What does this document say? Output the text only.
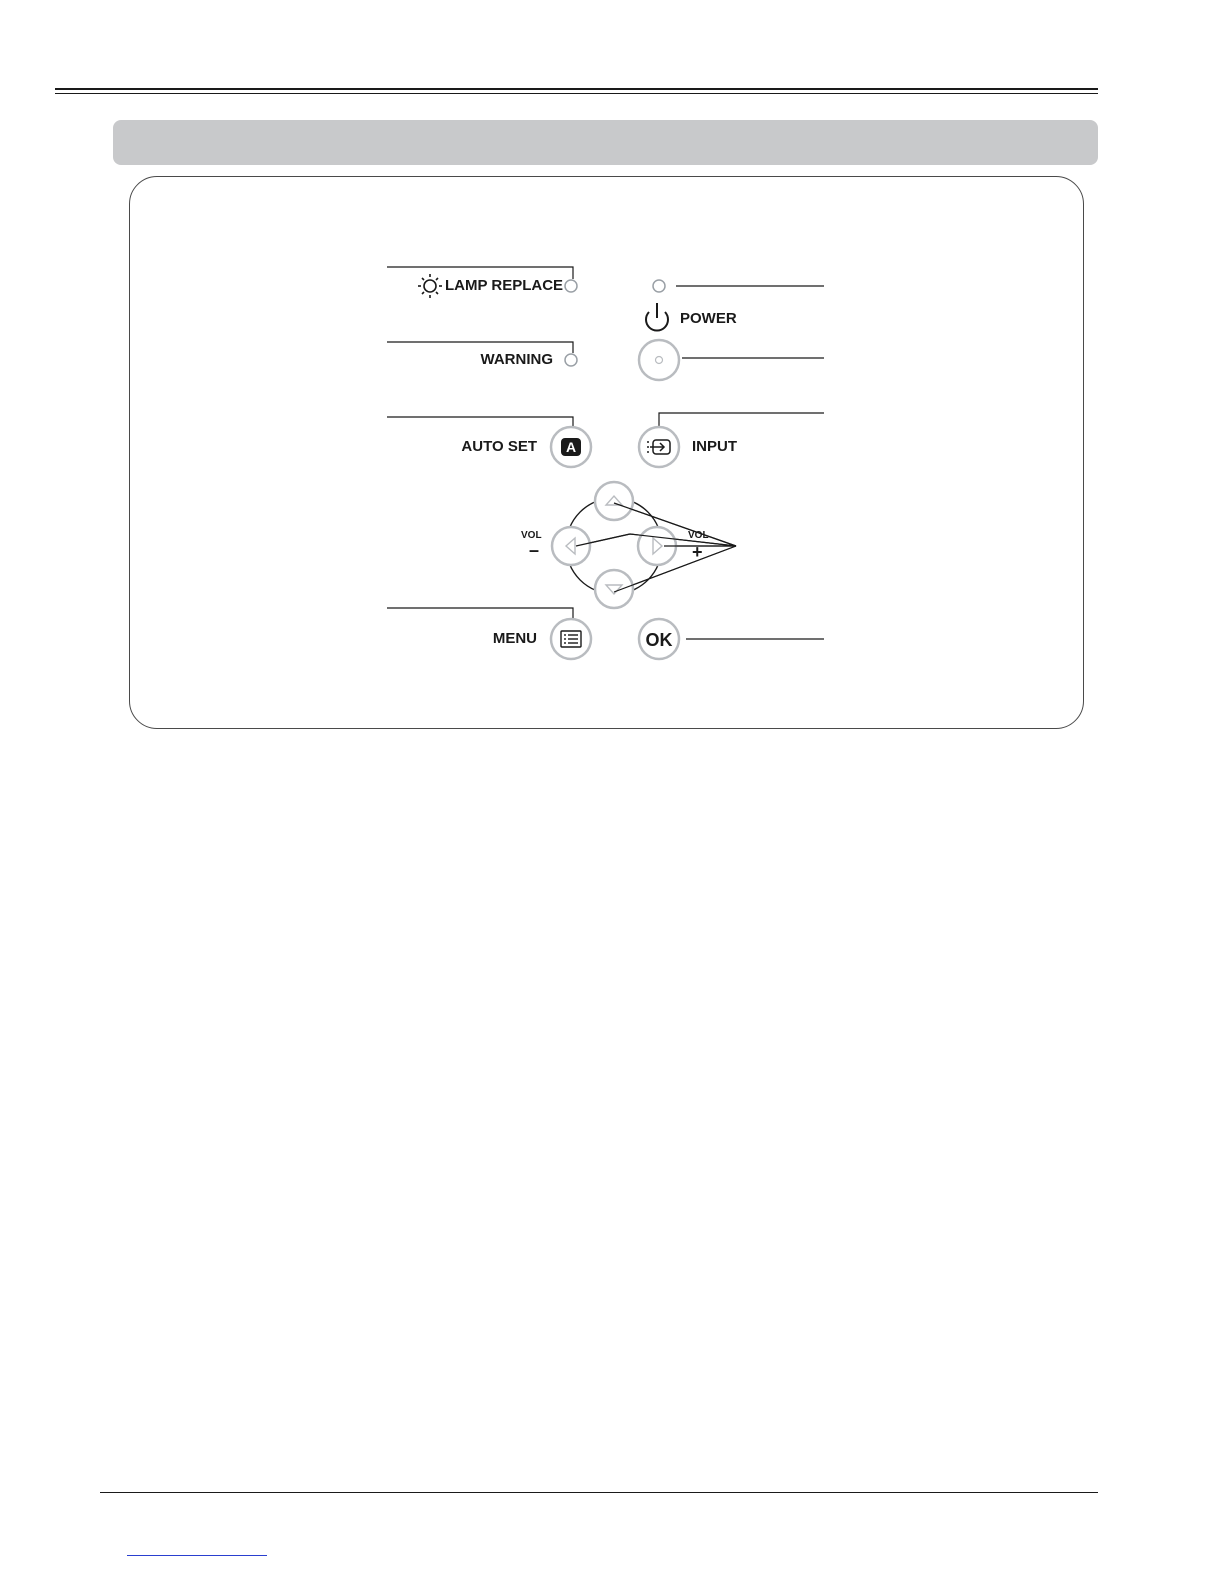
A
OK
LAMP REPLACE
WARNING
POWER
AUTO SET	INPUT
VOL
–
VOL
+
MENU
